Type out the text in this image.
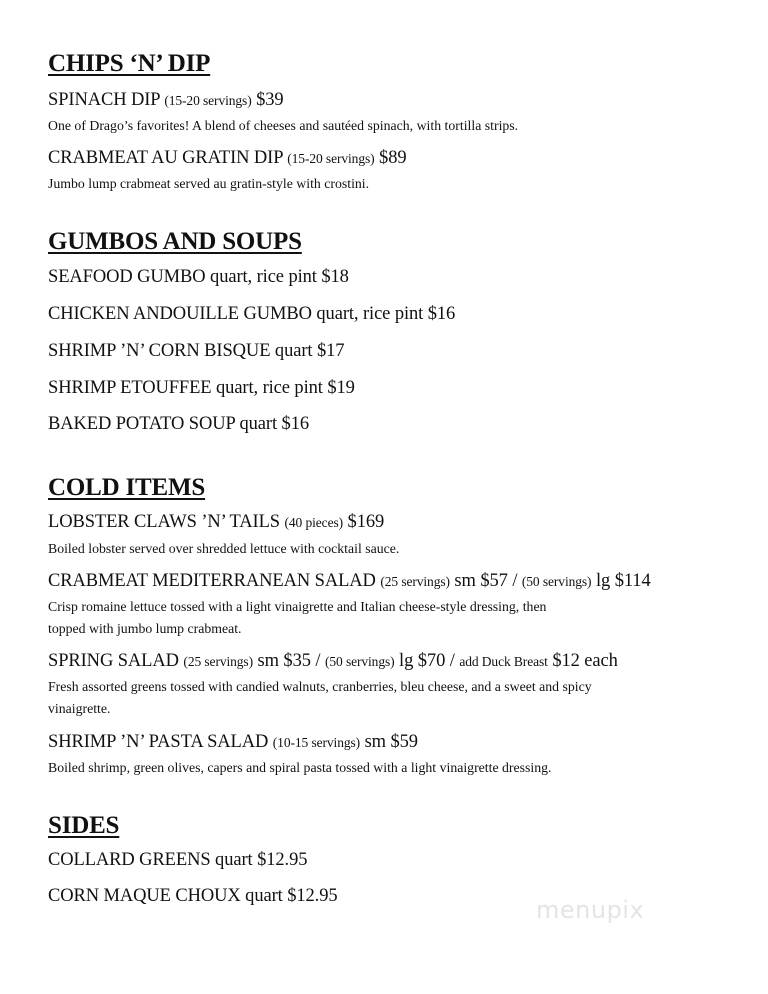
CHIPS ‘N’ DIP
SPINACH DIP (15-20 servings) $39
One of Drago’s favorites! A blend of cheeses and sautéed spinach, with tortilla strips.
CRABMEAT AU GRATIN DIP (15-20 servings) $89
Jumbo lump crabmeat served au gratin-style with crostini.
GUMBOS AND SOUPS
SEAFOOD GUMBO quart, rice pint $18
CHICKEN ANDOUILLE GUMBO quart, rice pint $16
SHRIMP ’N’ CORN BISQUE quart $17
SHRIMP ETOUFFEE quart, rice pint $19
BAKED POTATO SOUP quart $16
COLD ITEMS
LOBSTER CLAWS ’N’ TAILS (40 pieces) $169
Boiled lobster served over shredded lettuce with cocktail sauce.
CRABMEAT MEDITERRANEAN SALAD (25 servings) sm $57 / (50 servings) lg $114
Crisp romaine lettuce tossed with a light vinaigrette and Italian cheese-style dressing, then
topped with jumbo lump crabmeat.
SPRING SALAD (25 servings) sm $35 / (50 servings) lg $70 / add Duck Breast $12 each
Fresh assorted greens tossed with candied walnuts, cranberries, bleu cheese, and a sweet and spicy
vinaigrette.
SHRIMP ’N’ PASTA SALAD (10-15 servings) sm $59
Boiled shrimp, green olives, capers and spiral pasta tossed with a light vinaigrette dressing.
SIDES
COLLARD GREENS quart $12.95
CORN MAQUE CHOUX quart $12.95	menupix
